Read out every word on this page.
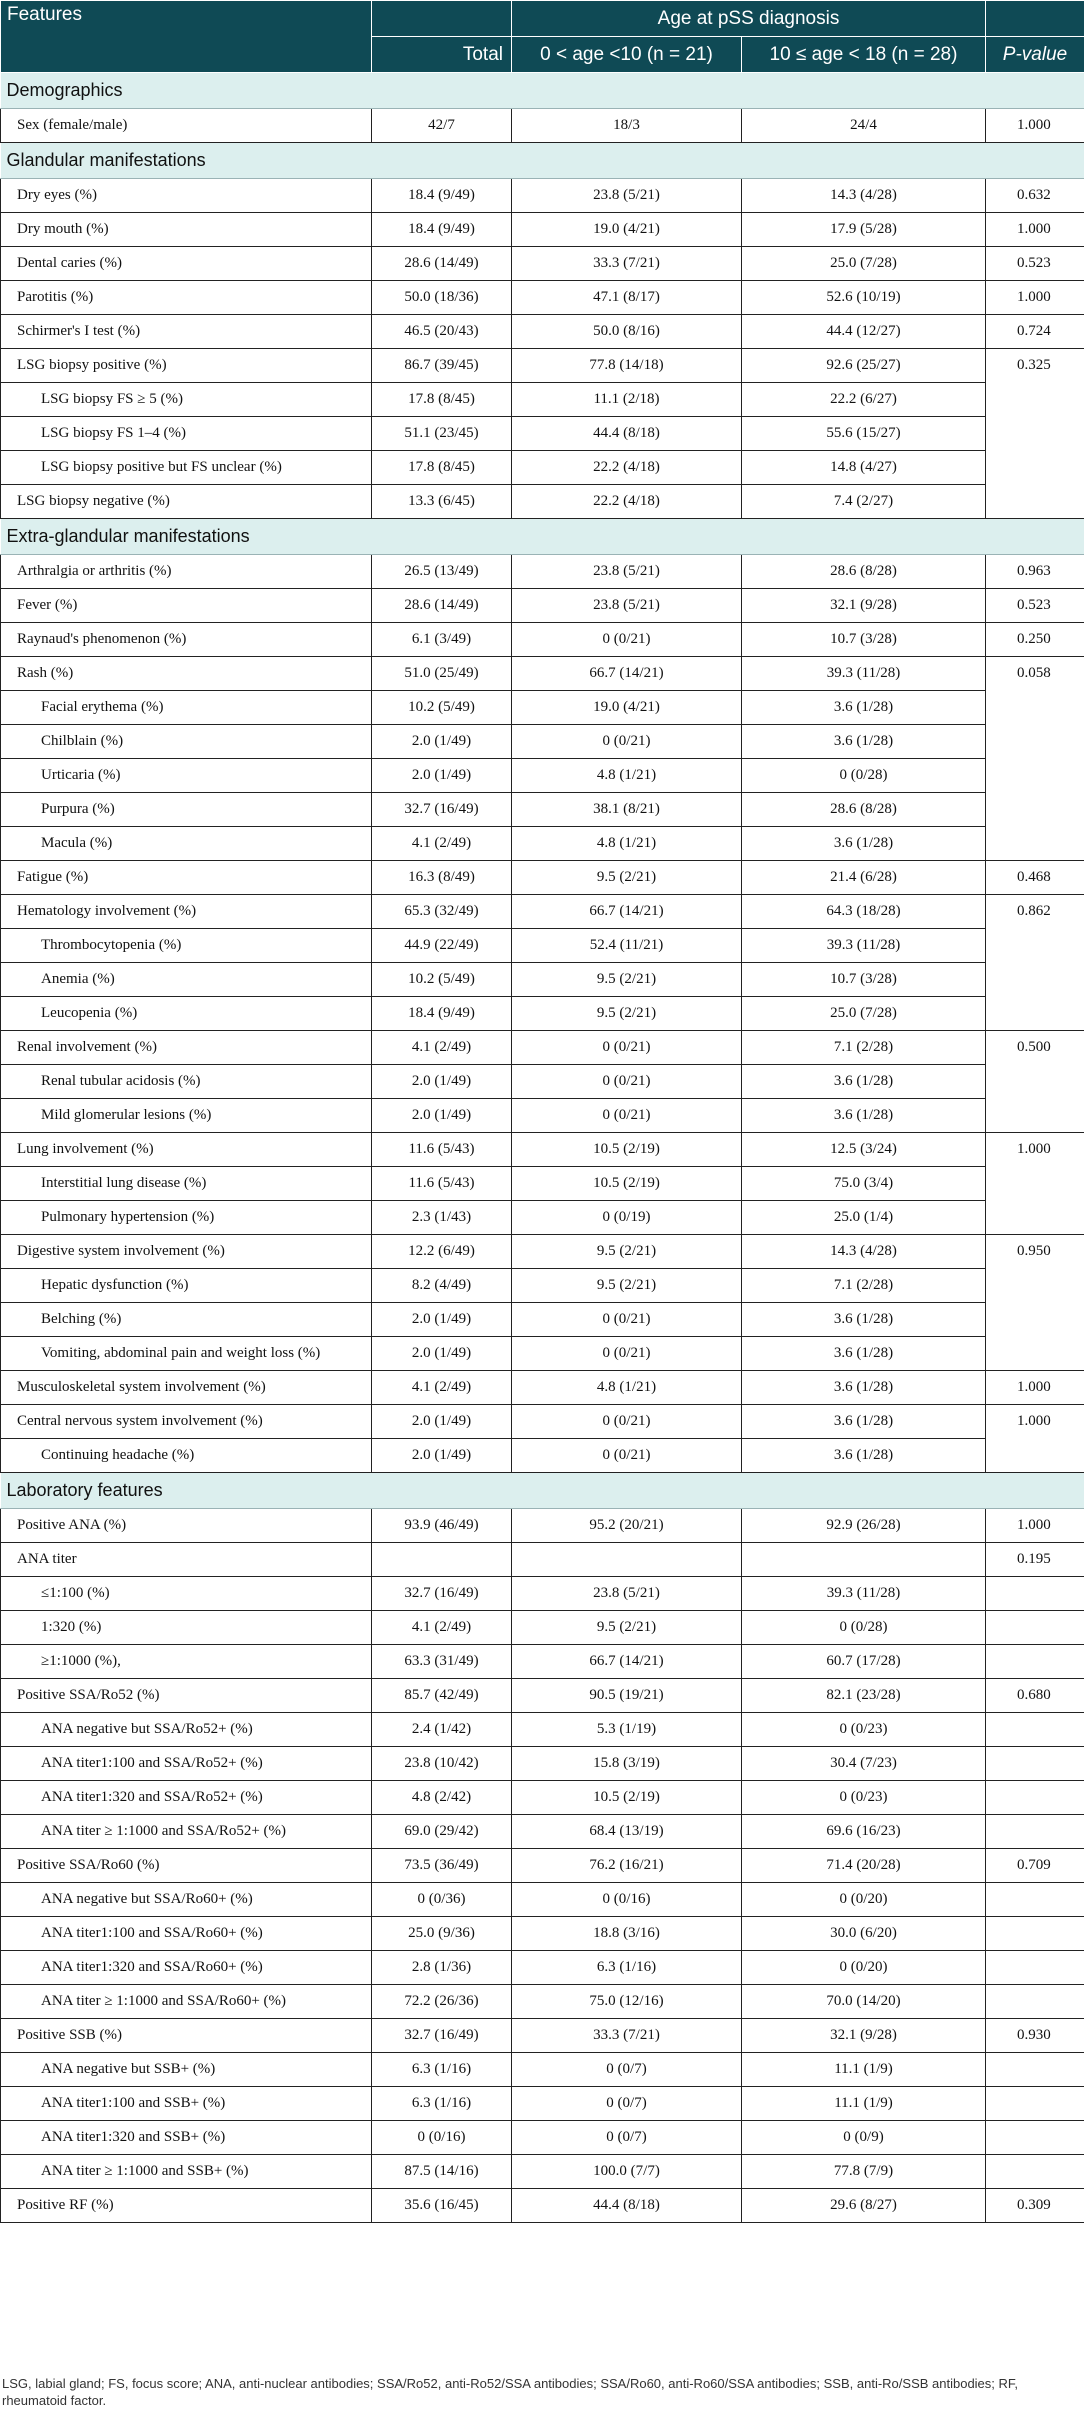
Features		Age at pSS diagnosis		
	Total	0 < age <10 (n = 21)	10 ≤ age < 18 (n = 28)	P-value
Demographics				
Sex (female/male)	42/7	18/3	24/4	1.000
Glandular manifestations				
Dry eyes (%)	18.4 (9/49)	23.8 (5/21)	14.3 (4/28)	0.632
Dry mouth (%)	18.4 (9/49)	19.0 (4/21)	17.9 (5/28)	1.000
Dental caries (%)	28.6 (14/49)	33.3 (7/21)	25.0 (7/28)	0.523
Parotitis (%)	50.0 (18/36)	47.1 (8/17)	52.6 (10/19)	1.000
Schirmer's I test (%)	46.5 (20/43)	50.0 (8/16)	44.4 (12/27)	0.724
LSG biopsy positive (%)	86.7 (39/45)	77.8 (14/18)	92.6 (25/27)	0.325
LSG biopsy FS ≥ 5 (%)	17.8 (8/45)	11.1 (2/18)	22.2 (6/27)	
LSG biopsy FS 1–4 (%)	51.1 (23/45)	44.4 (8/18)	55.6 (15/27)	
LSG biopsy positive but FS unclear (%)	17.8 (8/45)	22.2 (4/18)	14.8 (4/27)	
LSG biopsy negative (%)	13.3 (6/45)	22.2 (4/18)	7.4 (2/27)	
Extra-glandular manifestations				
Arthralgia or arthritis (%)	26.5 (13/49)	23.8 (5/21)	28.6 (8/28)	0.963
Fever (%)	28.6 (14/49)	23.8 (5/21)	32.1 (9/28)	0.523
Raynaud's phenomenon (%)	6.1 (3/49)	0 (0/21)	10.7 (3/28)	0.250
Rash (%)	51.0 (25/49)	66.7 (14/21)	39.3 (11/28)	0.058
Facial erythema (%)	10.2 (5/49)	19.0 (4/21)	3.6 (1/28)	
Chilblain (%)	2.0 (1/49)	0 (0/21)	3.6 (1/28)	
Urticaria (%)	2.0 (1/49)	4.8 (1/21)	0 (0/28)	
Purpura (%)	32.7 (16/49)	38.1 (8/21)	28.6 (8/28)	
Macula (%)	4.1 (2/49)	4.8 (1/21)	3.6 (1/28)	
Fatigue (%)	16.3 (8/49)	9.5 (2/21)	21.4 (6/28)	0.468
Hematology involvement (%)	65.3 (32/49)	66.7 (14/21)	64.3 (18/28)	0.862
Thrombocytopenia (%)	44.9 (22/49)	52.4 (11/21)	39.3 (11/28)	
Anemia (%)	10.2 (5/49)	9.5 (2/21)	10.7 (3/28)	
Leucopenia (%)	18.4 (9/49)	9.5 (2/21)	25.0 (7/28)	
Renal involvement (%)	4.1 (2/49)	0 (0/21)	7.1 (2/28)	0.500
Renal tubular acidosis (%)	2.0 (1/49)	0 (0/21)	3.6 (1/28)	
Mild glomerular lesions (%)	2.0 (1/49)	0 (0/21)	3.6 (1/28)	
Lung involvement (%)	11.6 (5/43)	10.5 (2/19)	12.5 (3/24)	1.000
Interstitial lung disease (%)	11.6 (5/43)	10.5 (2/19)	75.0 (3/4)	
Pulmonary hypertension (%)	2.3 (1/43)	0 (0/19)	25.0 (1/4)	
Digestive system involvement (%)	12.2 (6/49)	9.5 (2/21)	14.3 (4/28)	0.950
Hepatic dysfunction (%)	8.2 (4/49)	9.5 (2/21)	7.1 (2/28)	
Belching (%)	2.0 (1/49)	0 (0/21)	3.6 (1/28)	
Vomiting, abdominal pain and weight loss (%)	2.0 (1/49)	0 (0/21)	3.6 (1/28)	
Musculoskeletal system involvement (%)	4.1 (2/49)	4.8 (1/21)	3.6 (1/28)	1.000
Central nervous system involvement (%)	2.0 (1/49)	0 (0/21)	3.6 (1/28)	1.000
Continuing headache (%)	2.0 (1/49)	0 (0/21)	3.6 (1/28)	
Laboratory features				
Positive ANA (%)	93.9 (46/49)	95.2 (20/21)	92.9 (26/28)	1.000
ANA titer				0.195
≤1:100 (%)	32.7 (16/49)	23.8 (5/21)	39.3 (11/28)	
1:320 (%)	4.1 (2/49)	9.5 (2/21)	0 (0/28)	
≥1:1000 (%),	63.3 (31/49)	66.7 (14/21)	60.7 (17/28)	
Positive SSA/Ro52 (%)	85.7 (42/49)	90.5 (19/21)	82.1 (23/28)	0.680
ANA negative but SSA/Ro52+ (%)	2.4 (1/42)	5.3 (1/19)	0 (0/23)	
ANA titer1:100 and SSA/Ro52+ (%)	23.8 (10/42)	15.8 (3/19)	30.4 (7/23)	
ANA titer1:320 and SSA/Ro52+ (%)	4.8 (2/42)	10.5 (2/19)	0 (0/23)	
ANA titer ≥ 1:1000 and SSA/Ro52+ (%)	69.0 (29/42)	68.4 (13/19)	69.6 (16/23)	
Positive SSA/Ro60 (%)	73.5 (36/49)	76.2 (16/21)	71.4 (20/28)	0.709
ANA negative but SSA/Ro60+ (%)	0 (0/36)	0 (0/16)	0 (0/20)	
ANA titer1:100 and SSA/Ro60+ (%)	25.0 (9/36)	18.8 (3/16)	30.0 (6/20)	
ANA titer1:320 and SSA/Ro60+ (%)	2.8 (1/36)	6.3 (1/16)	0 (0/20)	
ANA titer ≥ 1:1000 and SSA/Ro60+ (%)	72.2 (26/36)	75.0 (12/16)	70.0 (14/20)	
Positive SSB (%)	32.7 (16/49)	33.3 (7/21)	32.1 (9/28)	0.930
ANA negative but SSB+ (%)	6.3 (1/16)	0 (0/7)	11.1 (1/9)	
ANA titer1:100 and SSB+ (%)	6.3 (1/16)	0 (0/7)	11.1 (1/9)	
ANA titer1:320 and SSB+ (%)	0 (0/16)	0 (0/7)	0 (0/9)	
ANA titer ≥ 1:1000 and SSB+ (%)	87.5 (14/16)	100.0 (7/7)	77.8 (7/9)	
Positive RF (%)	35.6 (16/45)	44.4 (8/18)	29.6 (8/27)	0.309
LSG, labial gland; FS, focus score; ANA, anti-nuclear antibodies; SSA/Ro52, anti-Ro52/SSA antibodies; SSA/Ro60, anti-Ro60/SSA antibodies; SSB, anti-Ro/SSB antibodies; RF, rheumatoid factor.
